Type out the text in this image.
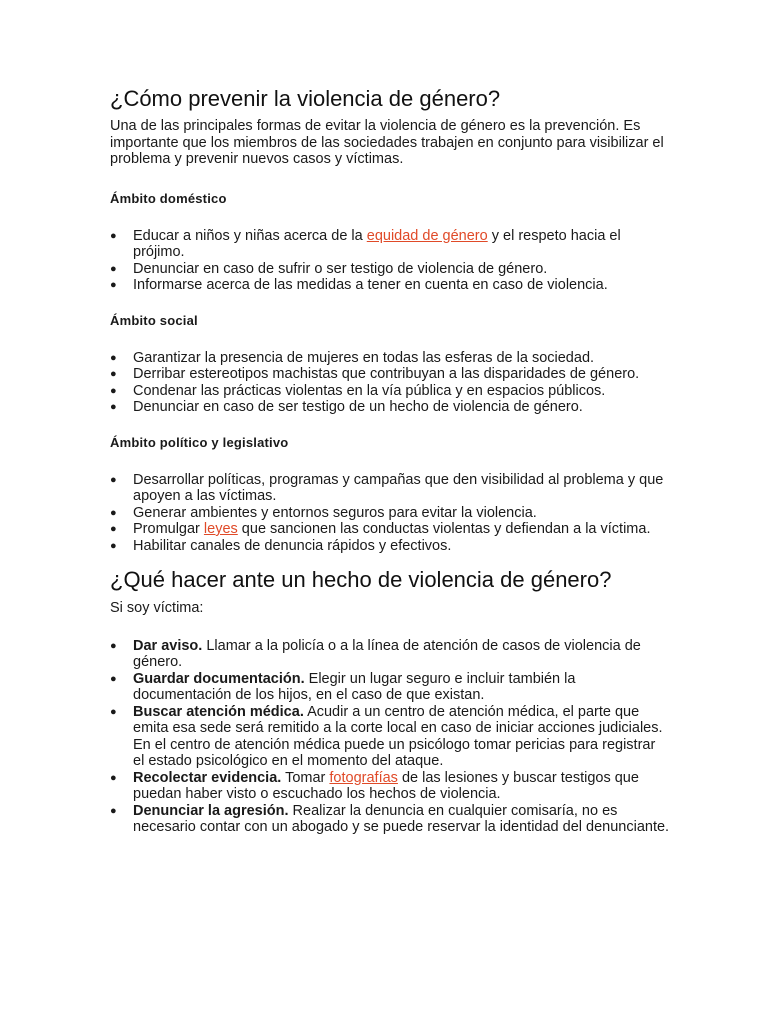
¿Cómo prevenir la violencia de género?

Una de las principales formas de evitar la violencia de género es la prevención. Es importante que los miembros de las sociedades trabajen en conjunto para visibilizar el problema y prevenir nuevos casos y víctimas.

Ámbito doméstico
● Educar a niños y niñas acerca de la equidad de género y el respeto hacia el prójimo.
● Denunciar en caso de sufrir o ser testigo de violencia de género.
● Informarse acerca de las medidas a tener en cuenta en caso de violencia.
Ámbito social
● Garantizar la presencia de mujeres en todas las esferas de la sociedad.
● Derribar estereotipos machistas que contribuyan a las disparidades de género.
● Condenar las prácticas violentas en la vía pública y en espacios públicos.
● Denunciar en caso de ser testigo de un hecho de violencia de género.
Ámbito político y legislativo
● Desarrollar políticas, programas y campañas que den visibilidad al problema y que apoyen a las víctimas.
● Generar ambientes y entornos seguros para evitar la violencia.
● Promulgar leyes que sancionen las conductas violentas y defiendan a la víctima.
● Habilitar canales de denuncia rápidos y efectivos.
¿Qué hacer ante un hecho de violencia de género?

Si soy víctima:

● Dar aviso. Llamar a la policía o a la línea de atención de casos de violencia de género.
● Guardar documentación. Elegir un lugar seguro e incluir también la documentación de los hijos, en el caso de que existan.
● Buscar atención médica. Acudir a un centro de atención médica, el parte que emita esa sede será remitido a la corte local en caso de iniciar acciones judiciales. En el centro de atención médica puede un psicólogo tomar pericias para registrar el estado psicológico en el momento del ataque.
● Recolectar evidencia. Tomar fotografías de las lesiones y buscar testigos que puedan haber visto o escuchado los hechos de violencia.
● Denunciar la agresión. Realizar la denuncia en cualquier comisaría, no es necesario contar con un abogado y se puede reservar la identidad del denunciante.
